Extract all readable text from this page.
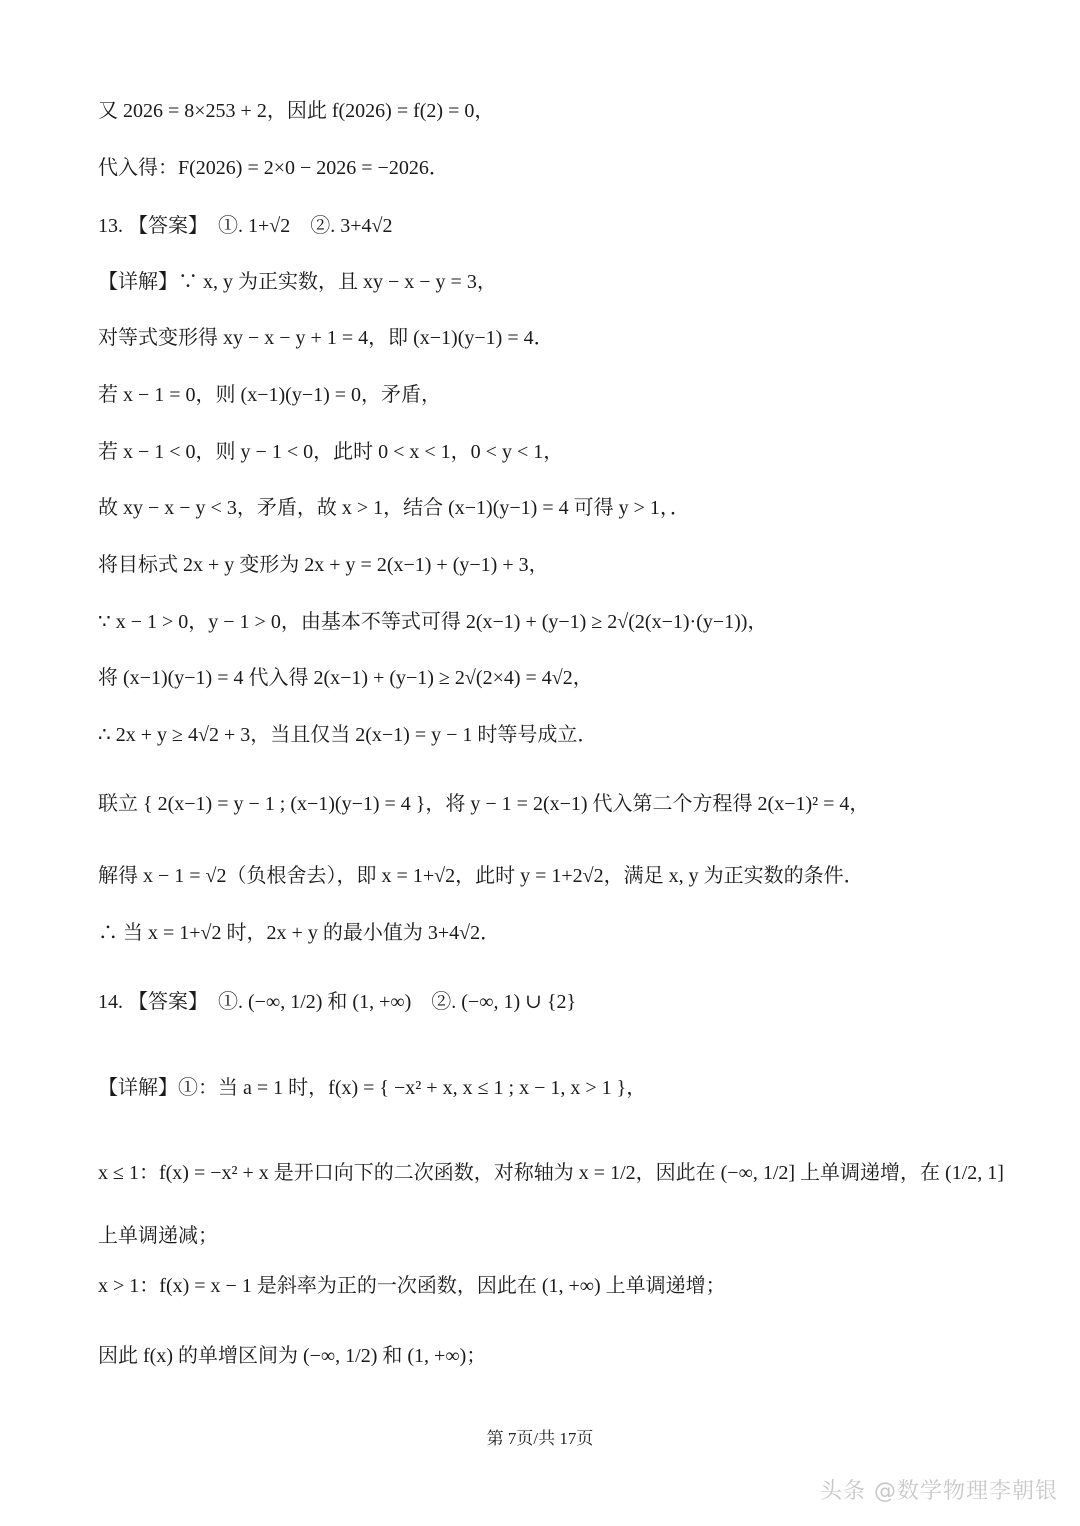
又 2026 = 8×253 + 2，因此 f(2026) = f(2) = 0，
代入得：F(2026) = 2×0 − 2026 = −2026．
13. 【答案】　①. 1+√2　②. 3+4√2
【详解】∵ x, y 为正实数，且 xy − x − y = 3，
对等式变形得 xy − x − y + 1 = 4，即 (x−1)(y−1) = 4．
若 x − 1 = 0，则 (x−1)(y−1) = 0，矛盾，
若 x − 1 < 0，则 y − 1 < 0，此时 0 < x < 1，0 < y < 1，
故 xy − x − y < 3，矛盾，故 x > 1，结合 (x−1)(y−1) = 4 可得 y > 1，．
将目标式 2x + y 变形为 2x + y = 2(x−1) + (y−1) + 3，
∵ x − 1 > 0，y − 1 > 0，由基本不等式可得 2(x−1) + (y−1) ≥ 2√(2(x−1)·(y−1))，
将 (x−1)(y−1) = 4 代入得 2(x−1) + (y−1) ≥ 2√(2×4) = 4√2，
∴ 2x + y ≥ 4√2 + 3，当且仅当 2(x−1) = y − 1 时等号成立．
联立 { 2(x−1) = y − 1 ; (x−1)(y−1) = 4 }，将 y − 1 = 2(x−1) 代入第二个方程得 2(x−1)² = 4，
解得 x − 1 = √2（负根舍去），即 x = 1+√2，此时 y = 1+2√2，满足 x, y 为正实数的条件．
∴ 当 x = 1+√2 时，2x + y 的最小值为 3+4√2．
14. 【答案】　①. (−∞, 1/2) 和 (1, +∞)　②. (−∞, 1) ∪ {2}
【详解】①：当 a = 1 时，f(x) = { −x² + x, x ≤ 1 ; x − 1, x > 1 }，
x ≤ 1：f(x) = −x² + x 是开口向下的二次函数，对称轴为 x = 1/2，因此在 (−∞, 1/2] 上单调递增，在 (1/2, 1]
上单调递减；
x > 1：f(x) = x − 1 是斜率为正的一次函数，因此在 (1, +∞) 上单调递增；
因此 f(x) 的单增区间为 (−∞, 1/2) 和 (1, +∞)；
第 7页/共 17页
头条 @数学物理李朝银
